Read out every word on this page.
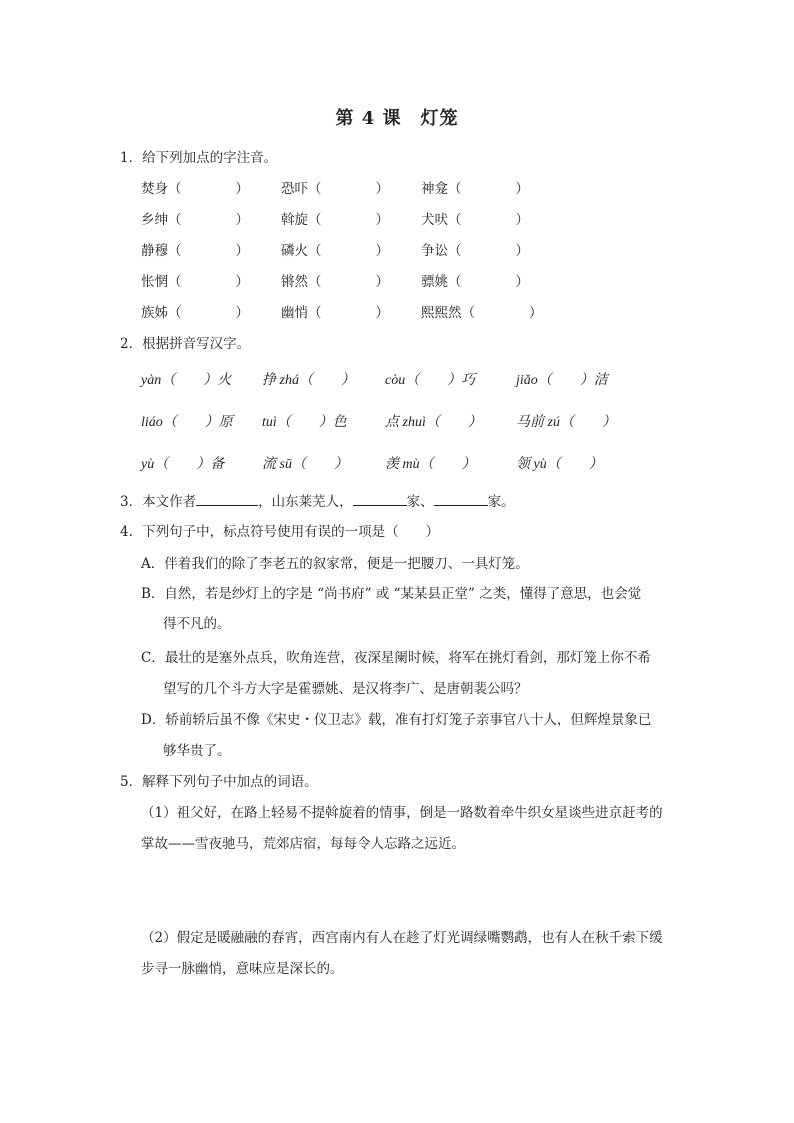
第 4 课　灯笼
1．给下列加点的字注音。
焚身（　　　　） 恐吓（　　　　） 神龛（　　　　）
乡绅（　　　　） 斡旋（　　　　） 犬吠（　　　　）
静穆（　　　　） 磷火（　　　　） 争讼（　　　　）
怅惘（　　　　） 锵然（　　　　） 骠姚（　　　　）
族姊（　　　　） 幽悄（　　　　） 熙熙然（　　　　）
2．根据拼音写汉字。
yàn（　　）火 挣 zhá（　　） còu（　　）巧	jiǎo（　　）洁
liáo（　　）原 tuì（　　）色	点 zhuì（　　） 马前 zú（　　）
yù（　　）备	流 sū（　　）	羡 mù（　　）	领 yù（　　）
3．本文作者	，山东莱芜人，	家、	家。
4．下列句子中，标点符号使用有误的一项是（　　）
A．伴着我们的除了李老五的叙家常，便是一把腰刀、一具灯笼。
B．自然，若是纱灯上的字是 “尚书府” 或 “某某县正堂” 之类，懂得了意思，也会觉
得不凡的。
C．最壮的是塞外点兵，吹角连营，夜深星阑时候，将军在挑灯看剑，那灯笼上你不希
望写的几个斗方大字是霍骠姚、是汉将李广、是唐朝裴公吗？
D．轿前轿后虽不像《宋史・仪卫志》载，准有打灯笼子亲事官八十人，但辉煌景象已
够华贵了。
5．解释下列句子中加点的词语。
（1）祖父好，在路上轻易不提斡旋着的情事，倒是一路数着牵牛织女星谈些进京赶考的
掌故——雪夜驰马，荒郊店宿，每每令人忘路之远近。
（2）假定是暖融融的春宵，西宫南内有人在趁了灯光调绿嘴鹦鹉，也有人在秋千索下缓
步寻一脉幽悄，意味应是深长的。
